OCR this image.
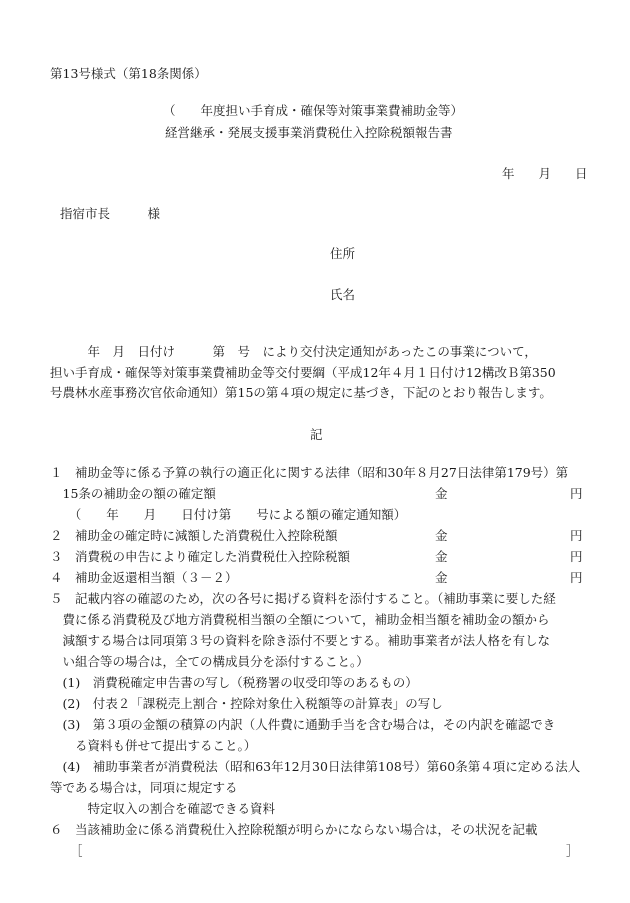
第13号様式（第18条関係）
（　　年度担い手育成・確保等対策事業費補助金等）
経営継承・発展支援事業消費税仕入控除税額報告書
年 月 日
指宿市長　　　様
住所
氏名
　　　年　月　日付け　　　第　号　により交付決定通知があったこの事業について，
担い手育成・確保等対策事業費補助金等交付要綱（平成12年４月１日付け12構改Ｂ第350
号農林水産事務次官依命通知）第15の第４項の規定に基づき，下記のとおり報告します。
記
１　補助金等に係る予算の執行の適正化に関する法律（昭和30年８月27日法律第179号）第
　15条の補助金の額の確定額	金	円
　　（　　年　　月　　日付け第　　号による額の確定通知額）
２　補助金の確定時に減額した消費税仕入控除税額	金	円
３　消費税の申告により確定した消費税仕入控除税額	金	円
４　補助金返還相当額（３－２）	金	円
５　記載内容の確認のため，次の各号に掲げる資料を添付すること。（補助事業に要した経
　費に係る消費税及び地方消費税相当額の全額について，補助金相当額を補助金の額から
　減額する場合は同項第３号の資料を除き添付不要とする。補助事業者が法人格を有しな
　い組合等の場合は，全ての構成員分を添付すること。）
　(1)　消費税確定申告書の写し（税務署の収受印等のあるもの）
　(2)　付表２「課税売上割合・控除対象仕入税額等の計算表」の写し
　(3)　第３項の金額の積算の内訳（人件費に通勤手当を含む場合は，その内訳を確認でき
　　る資料も併せて提出すること。）
　(4)　補助事業者が消費税法（昭和63年12月30日法律第108号）第60条第４項に定める法人
等である場合は，同項に規定する
　　　特定収入の割合を確認できる資料
６　当該補助金に係る消費税仕入控除税額が明らかにならない場合は，その状況を記載
［	］
